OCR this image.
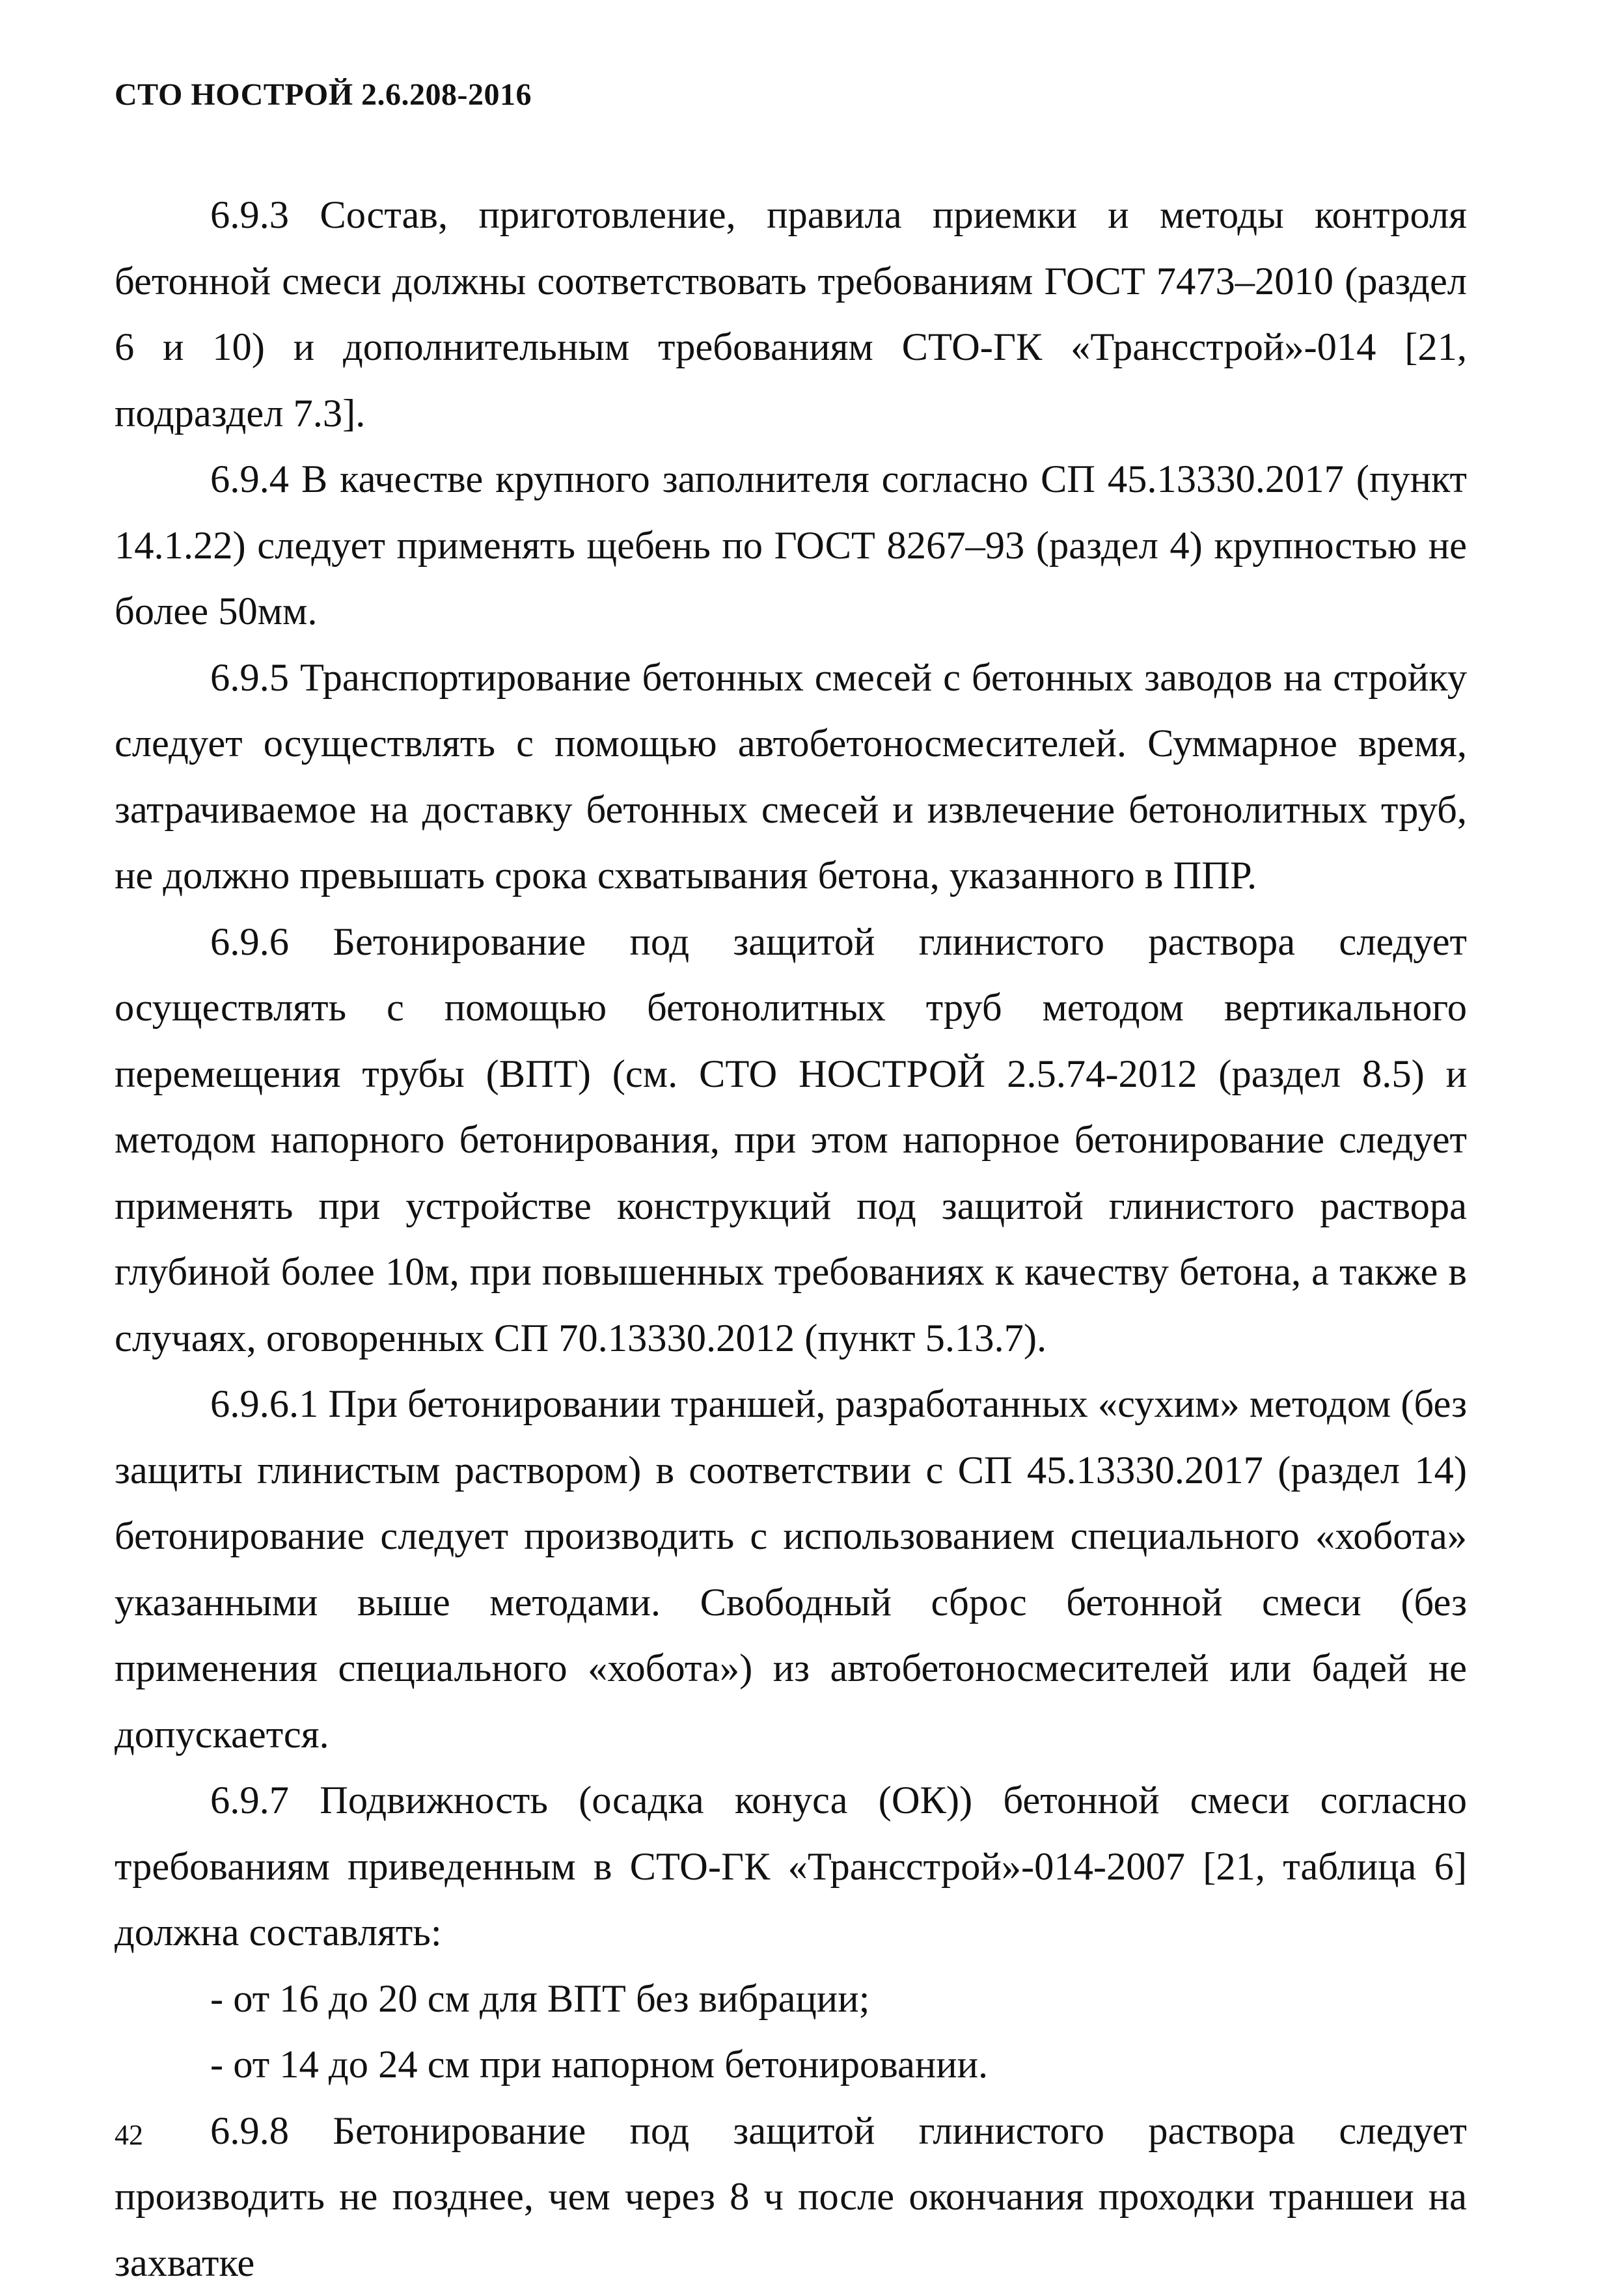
СТО НОСТРОЙ 2.6.208-2016

6.9.3 Состав, приготовление, правила приемки и методы контроля бетонной смеси должны соответствовать требованиям ГОСТ 7473–2010 (раздел 6 и 10) и дополнительным требованиям СТО-ГК «Трансстрой»-014 [21, подраздел 7.3].

6.9.4 В качестве крупного заполнителя согласно СП 45.13330.2017 (пункт 14.1.22) следует применять щебень по ГОСТ 8267–93 (раздел 4) крупностью не более 50мм.

6.9.5 Транспортирование бетонных смесей с бетонных заводов на стройку следует осуществлять с помощью автобетоносмесителей. Суммарное время, затрачиваемое на доставку бетонных смесей и извлечение бетонолитных труб, не должно превышать срока схватывания бетона, указанного в ППР.

6.9.6 Бетонирование под защитой глинистого раствора следует осуществлять с помощью бетонолитных труб методом вертикального перемещения трубы (ВПТ) (см. СТО НОСТРОЙ 2.5.74-2012 (раздел 8.5) и методом напорного бетонирования, при этом напорное бетонирование следует применять при устройстве конструкций под защитой глинистого раствора глубиной более 10м, при повышенных требованиях к качеству бетона, а также в случаях, оговоренных СП 70.13330.2012 (пункт 5.13.7).

6.9.6.1 При бетонировании траншей, разработанных «сухим» методом (без защиты глинистым раствором) в соответствии с СП 45.13330.2017 (раздел 14) бетонирование следует производить с использованием специального «хобота» указанными выше методами. Свободный сброс бетонной смеси (без применения специального «хобота») из автобетоносмесителей или бадей не допускается.

6.9.7 Подвижность (осадка конуса (ОК)) бетонной смеси согласно требованиям приведенным в СТО-ГК «Трансстрой»-014-2007 [21, таблица 6] должна составлять:

- от 16 до 20 см для ВПТ без вибрации;

- от 14 до 24 см при напорном бетонировании.

6.9.8 Бетонирование под защитой глинистого раствора следует производить не позднее, чем через 8 ч после окончания проходки траншеи на захватке

42
